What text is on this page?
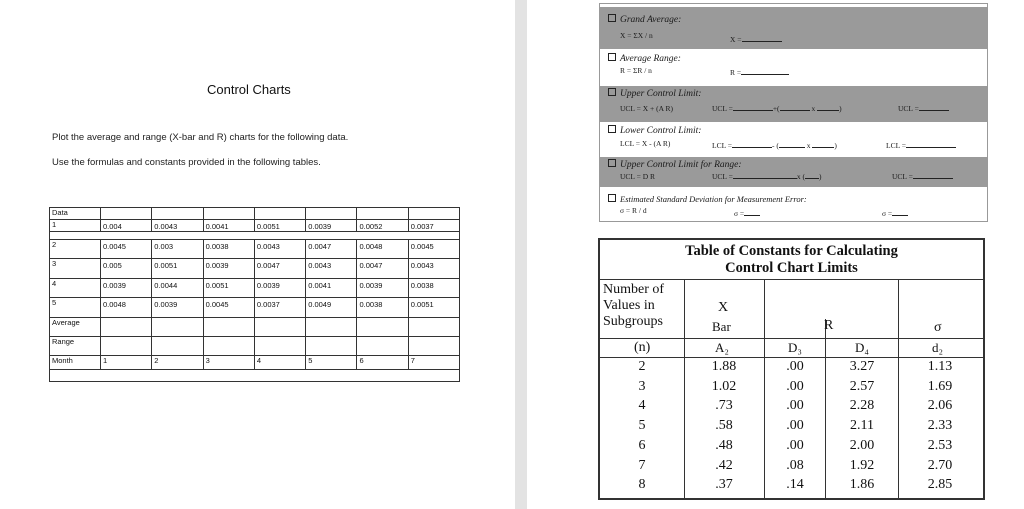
Control Charts
Plot the average and range (X-bar and R) charts for the following data.
Use the formulas and constants provided in the following tables.
Data							
1	0.004	0.0043	0.0041	0.0051	0.0039	0.0052	0.0037

2	0.0045	0.003	0.0038	0.0043	0.0047	0.0048	0.0045
3	0.005	0.0051	0.0039	0.0047	0.0043	0.0047	0.0043
4	0.0039	0.0044	0.0051	0.0039	0.0041	0.0039	0.0038
5	0.0048	0.0039	0.0045	0.0037	0.0049	0.0038	0.0051
Average							
Range							
Month	1	2	3	4	5	6	7

Grand Average:
X = ΣX / n	X =
Average Range:
R = ΣR / n	R =
Upper Control Limit:
UCL = X + (A R)	UCL =	+(	x	)	UCL =
Lower Control Limit:
LCL = X - (A R)	LCL =	- (	x	)	LCL =
Upper Control Limit for Range:
UCL = D R	UCL =	x ( )	UCL =
Estimated Standard Deviation for Measurement Error:
σ = R / d	σ =	σ =
Table of Constants for Calculating
Control Chart Limits
Number of
Values in
Subgroups
X
Bar	R	σ
(n)	A₂	D₃	D₄	d₂
2	1.88	.00	3.27	1.13
3	1.02	.00	2.57	1.69
4	.73	.00	2.28	2.06
5	.58	.00	2.11	2.33
6	.48	.00	2.00	2.53
7	.42	.08	1.92	2.70
8	.37	.14	1.86	2.85
